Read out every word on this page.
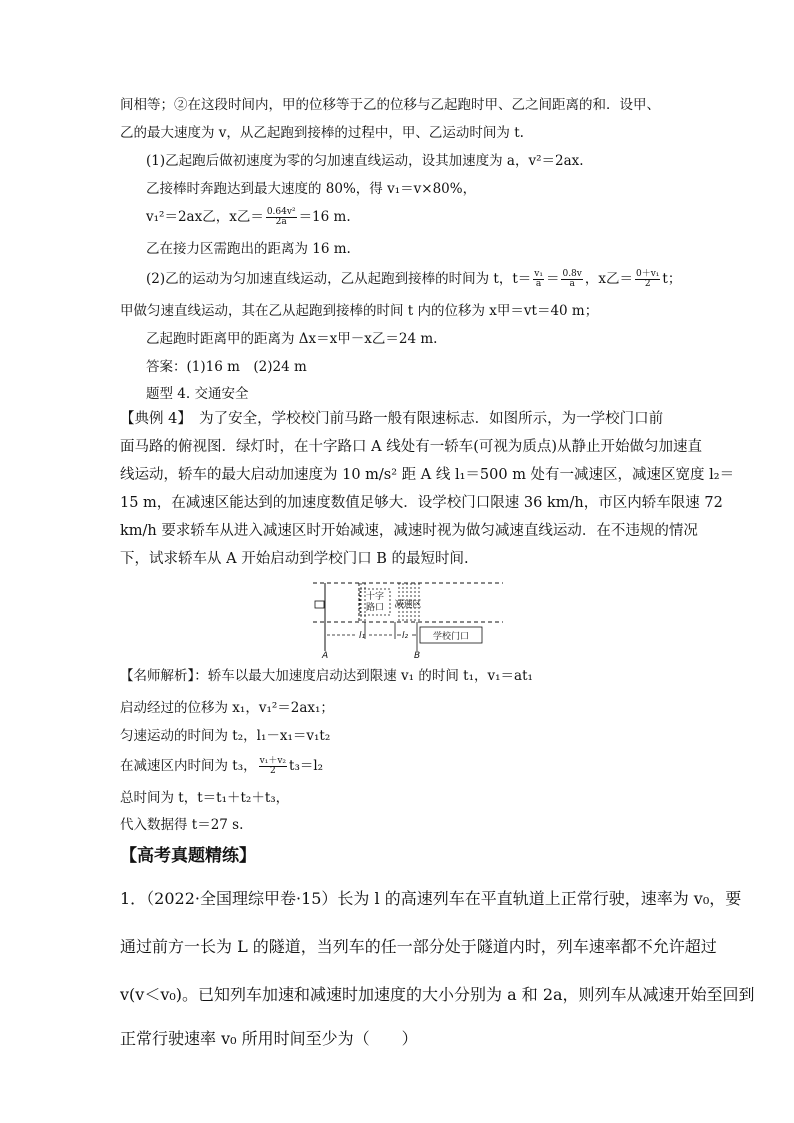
间相等；②在这段时间内，甲的位移等于乙的位移与乙起跑时甲、乙之间距离的和．设甲、
乙的最大速度为 v，从乙起跑到接棒的过程中，甲、乙运动时间为 t.
(1)乙起跑后做初速度为零的匀加速直线运动，设其加速度为 a，v²＝2ax.
乙接棒时奔跑达到最大速度的 80%，得 v₁＝v×80%，
v₁²＝2ax乙，x乙＝ $\frac{\text{0.64v²}}{2a} =16$ m.
乙在接力区需跑出的距离为 16 m.
(2)乙的运动为匀加速直线运动，乙从起跑到接棒的时间为 t，$t= \frac{\text{v₁}}{a} = \frac{0.8v}{a}$ ，x乙＝ $\frac{\text{0＋v₁}}{2}$ t；
甲做匀速直线运动，其在乙从起跑到接棒的时间 t 内的位移为 x甲＝vt＝40 m；
乙起跑时距离甲的距离为 Δx＝x甲－x乙＝24 m.
答案：(1)16 m　(2)24 m
题型 4. 交通安全
【典例 4】　为了安全，学校校门前马路一般有限速标志．如图所示，为一学校门口前
面马路的俯视图．绿灯时，在十字路口 A 线处有一轿车(可视为质点)从静止开始做匀加速直
线运动，轿车的最大启动加速度为 10 m/s² 距 A 线 l₁＝500 m 处有一减速区，减速区宽度 l₂＝
15 m，在减速区能达到的加速度数值足够大．设学校门口限速 36 km/h，市区内轿车限速 72
km/h 要求轿车从进入减速区时开始减速，减速时视为做匀减速直线运动．在不违规的情况
下，试求轿车从 A 开始启动到学校门口 B 的最短时间.
十字
路口 减速区
l₁	l₂	学校门口
A	B
【名师解析】：轿车以最大加速度启动达到限速 v₁ 的时间 t₁，v₁＝at₁
启动经过的位移为 x₁，v₁²＝2ax₁；
匀速运动的时间为 t₂，l₁－x₁＝v₁t₂
在减速区内时间为 t₃， $\frac{\text{v₁＋v₂}}{2} t_3=l_2$
总时间为 t，t＝t₁＋t₂＋t₃，
代入数据得 t＝27 s.
【高考真题精练】
1．（2022·全国理综甲卷·15）长为 l 的高速列车在平直轨道上正常行驶，速率为 v₀，要
通过前方一长为 L 的隧道，当列车的任一部分处于隧道内时，列车速率都不允许超过
v(v＜v₀)。已知列车加速和减速时加速度的大小分别为 a 和 2a，则列车从减速开始至回到
正常行驶速率 v₀ 所用时间至少为（　　）
